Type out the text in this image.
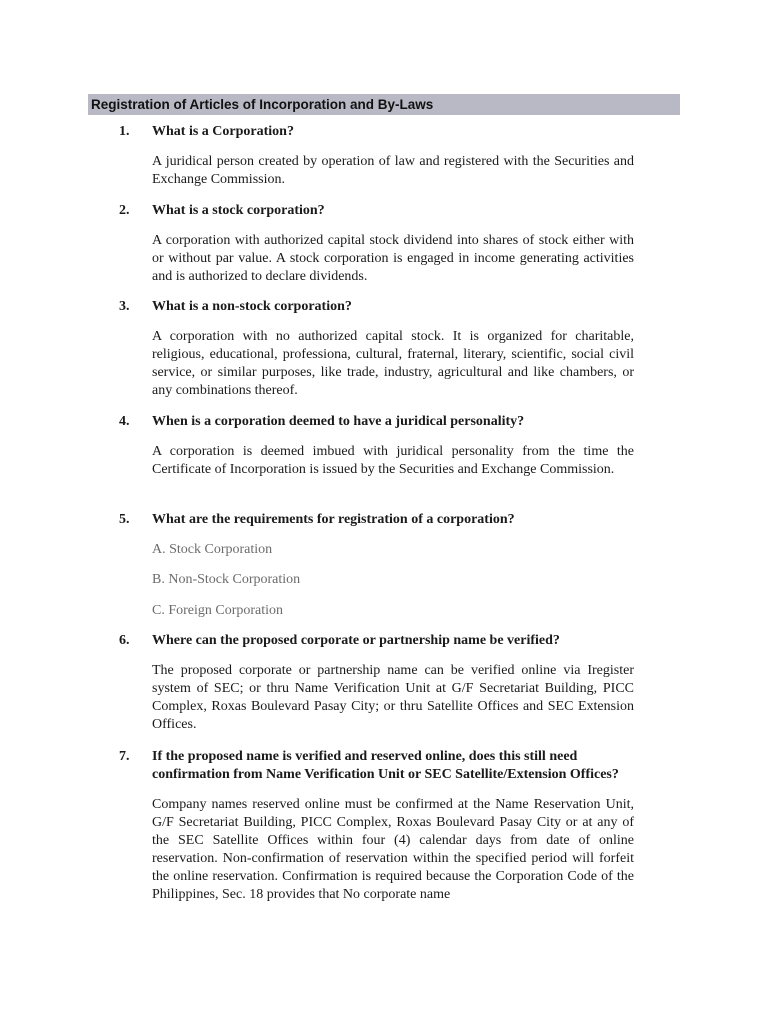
Registration of Articles of Incorporation and By-Laws
1. What is a Corporation?
A juridical person created by operation of law and registered with the Securities and Exchange Commission.
2. What is a stock corporation?
A corporation with authorized capital stock dividend into shares of stock either with or without par value. A stock corporation is engaged in income generating activities and is authorized to declare dividends.
3. What is a non-stock corporation?
A corporation with no authorized capital stock. It is organized for charitable, religious, educational, professiona, cultural, fraternal, literary, scientific, social civil service, or similar purposes, like trade, industry, agricultural and like chambers, or any combinations thereof.
4. When is a corporation deemed to have a juridical personality?
A corporation is deemed imbued with juridical personality from the time the Certificate of Incorporation is issued by the Securities and Exchange Commission.
5. What are the requirements for registration of a corporation?
A. Stock Corporation
B. Non-Stock Corporation
C. Foreign Corporation
6. Where can the proposed corporate or partnership name be verified?
The proposed corporate or partnership name can be verified online via Iregister system of SEC; or thru Name Verification Unit at G/F Secretariat Building, PICC Complex, Roxas Boulevard Pasay City; or thru Satellite Offices and SEC Extension Offices.
7. If the proposed name is verified and reserved online, does this still need confirmation from Name Verification Unit or SEC Satellite/Extension Offices?
Company names reserved online must be confirmed at the Name Reservation Unit, G/F Secretariat Building, PICC Complex, Roxas Boulevard Pasay City or at any of the SEC Satellite Offices within four (4) calendar days from date of online reservation. Non-confirmation of reservation within the specified period will forfeit the online reservation. Confirmation is required because the Corporation Code of the Philippines, Sec. 18 provides that No corporate name
